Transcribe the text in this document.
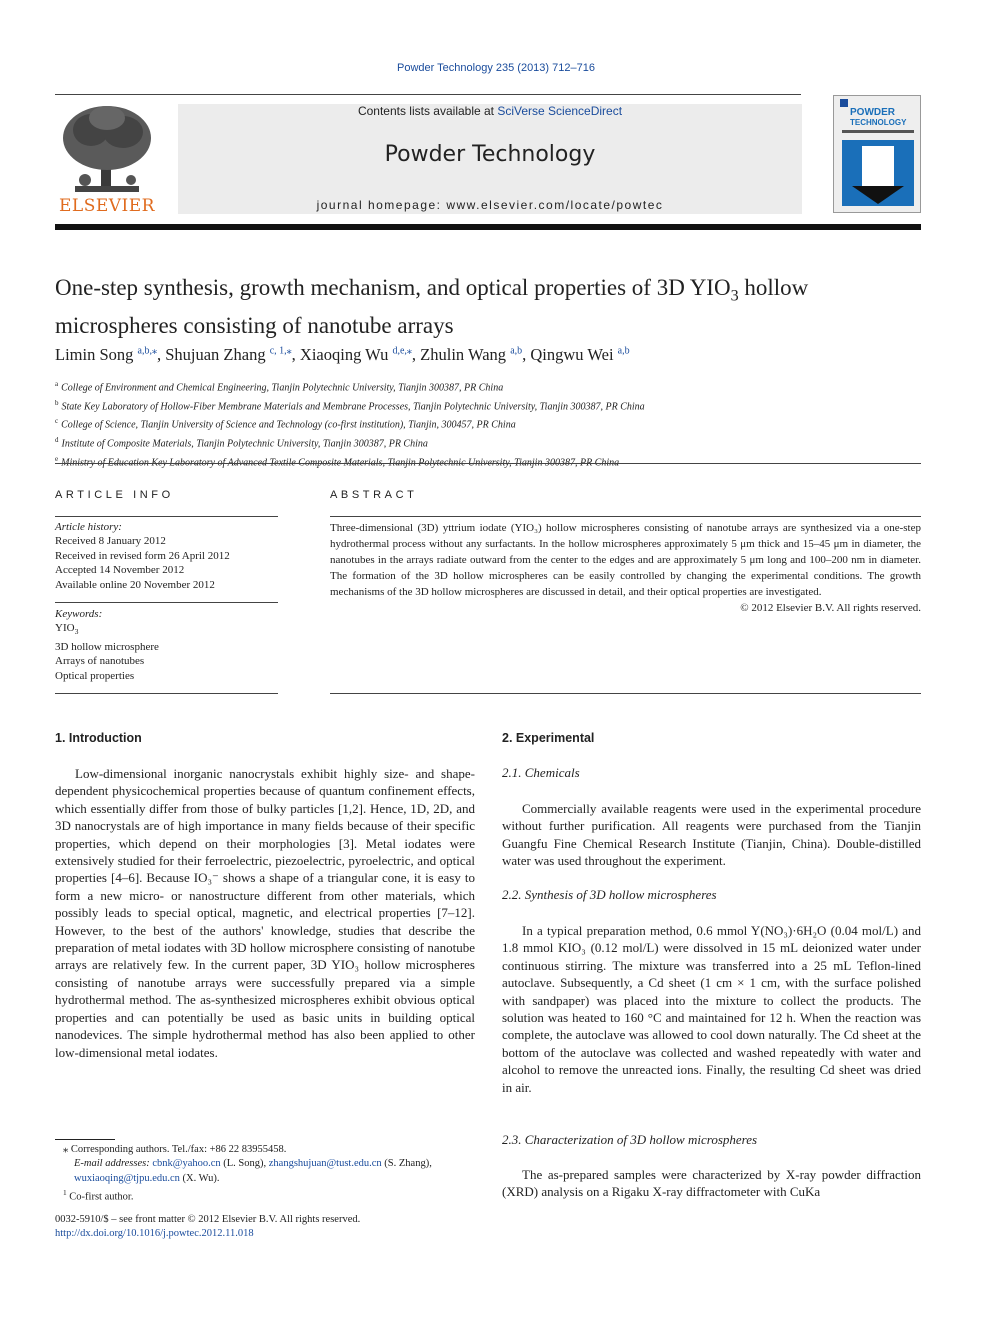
Powder Technology 235 (2013) 712–716
ELSEVIER
Contents lists available at SciVerse ScienceDirect
Powder Technology
journal homepage: www.elsevier.com/locate/powtec
POWDER
TECHNOLOGY
One-step synthesis, growth mechanism, and optical properties of 3D $YIO_3$ hollow
microspheres consisting of nanotube arrays
Limin Song $^{a,b,⁎}$, Shujuan Zhang $^{c, 1,⁎}$, Xiaoqing Wu $^{d,e,⁎}$, Zhulin Wang $^{a,b}$, Qingwu Wei $^{a,b}$
$^a$ College of Environment and Chemical Engineering, Tianjin Polytechnic University, Tianjin 300387, PR China
$^b$ State Key Laboratory of Hollow-Fiber Membrane Materials and Membrane Processes, Tianjin Polytechnic University, Tianjin 300387, PR China
$^c$ College of Science, Tianjin University of Science and Technology (co-first institution), Tianjin, 300457, PR China
$^d$ Institute of Composite Materials, Tianjin Polytechnic University, Tianjin 300387, PR China
$^e$
ARTICLE INFO
Article history:
Received 8 January 2012
Received in revised form 26 April 2012
Accepted 14 November 2012
Available online 20 November 2012
Keywords:
$YIO_3$
3D hollow microsphere
Arrays of nanotubes
Optical properties
ABSTRACT
Three-dimensional (3D) yttrium iodate (YIO₃) hollow microspheres consisting of nanotube arrays are synthesized via a one-step hydrothermal process without any surfactants. In the hollow microspheres approximately 5 μm thick and 15–45 μm in diameter, the nanotubes in the arrays radiate outward from the center to the edges and are approximately 5 μm long and 100–200 nm in diameter. The formation of the 3D hollow microspheres can be easily controlled by changing the experimental conditions. The growth mechanisms of the 3D hollow microspheres are discussed in detail, and their optical properties are investigated.
© 2012 Elsevier B.V. All rights reserved.
1. Introduction

Low-dimensional inorganic nanocrystals exhibit highly size- and shape-dependent physicochemical properties because of quantum confinement effects, which essentially differ from those of bulky particles [1,2]. Hence, 1D, 2D, and 3D nanocrystals are of high importance in many fields because of their specific properties, which depend on their morphologies [3]. Metal iodates were extensively studied for their ferroelectric, piezoelectric, pyroelectric, and optical properties [4–6]. Because IO₃⁻ shows a shape of a triangular cone, it is easy to form a new micro- or nanostructure different from other materials, which possibly leads to special optical, magnetic, and electrical properties [7–12]. However, to the best of the authors' knowledge, studies that describe the preparation of metal iodates with 3D hollow microsphere consisting of nanotube arrays are relatively few. In the current paper, 3D YIO₃ hollow microspheres consisting of nanotube arrays were successfully prepared via a simple hydrothermal method. The as-synthesized microspheres exhibit obvious optical properties and can potentially be used as basic units in building optical nanodevices. The simple hydrothermal method has also been applied to other low-dimensional metal iodates.

⁎ Corresponding authors. Tel./fax: +86 22 83955458.
E-mail addresses: cbnk@yahoo.cn (L. Song), zhangshujuan@tust.edu.cn (S. Zhang),
wuxiaoqing@tjpu.edu.cn (X. Wu).
$^1$ Co-first author.
0032-5910/$ – see front matter © 2012 Elsevier B.V. All rights reserved.
http://dx.doi.org/10.1016/j.powtec.2012.11.018
2. Experimental
2.1. Chemicals

Commercially available reagents were used in the experimental procedure without further purification. All reagents were purchased from the Tianjin Guangfu Fine Chemical Research Institute (Tianjin, China). Double-distilled water was used throughout the experiment.

2.2. Synthesis of 3D hollow microspheres

In a typical preparation method, 0.6 mmol Y(NO₃)·6H₂O (0.04 mol/L) and 1.8 mmol KIO₃ (0.12 mol/L) were dissolved in 15 mL deionized water under continuous stirring. The mixture was transferred into a 25 mL Teflon-lined autoclave. Subsequently, a Cd sheet (1 cm × 1 cm, with the surface polished with sandpaper) was placed into the mixture to collect the products. The solution was heated to 160 °C and maintained for 12 h. When the reaction was complete, the autoclave was allowed to cool down naturally. The Cd sheet at the bottom of the autoclave was collected and washed repeatedly with water and alcohol to remove the unreacted ions. Finally, the resulting Cd sheet was dried in air.

2.3. Characterization of 3D hollow microspheres

The as-prepared samples were characterized by X-ray powder diffraction (XRD) analysis on a Rigaku X-ray diffractometer with CuKa
